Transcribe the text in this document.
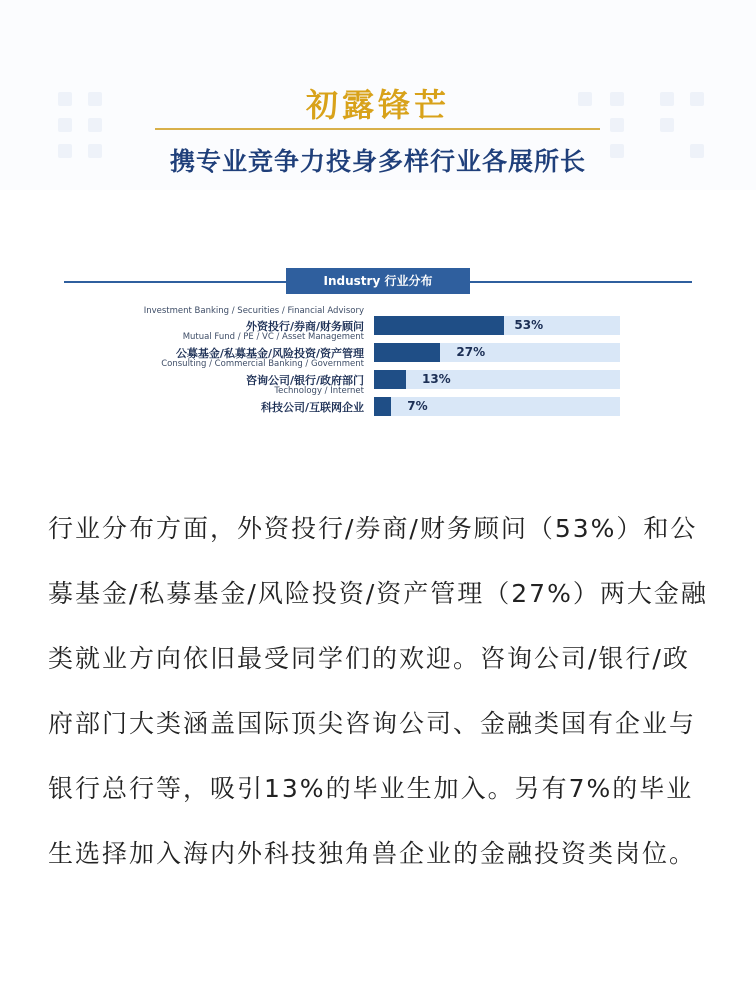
初露锋芒
携专业竞争力投身多样行业各展所长
Industry 行业分布
Investment Banking / Securities / Financial Advisory
外资投行/券商/财务顾问	53%
Mutual Fund / PE / VC / Asset Management
公募基金/私募基金/风险投资/资产管理	27%
Consulting / Commercial Banking / Government
咨询公司/银行/政府部门	13%
Technology / Internet
科技公司/互联网企业	7%

行业分布方面，外资投行/券商/财务顾问（53%）和公募基金/私募基金/风险投资/资产管理（27%）两大金融类就业方向依旧最受同学们的欢迎。咨询公司/银行/政府部门大类涵盖国际顶尖咨询公司、金融类国有企业与银行总行等，吸引13%的毕业生加入。另有7%的毕业生选择加入海内外科技独角兽企业的金融投资类岗位。
